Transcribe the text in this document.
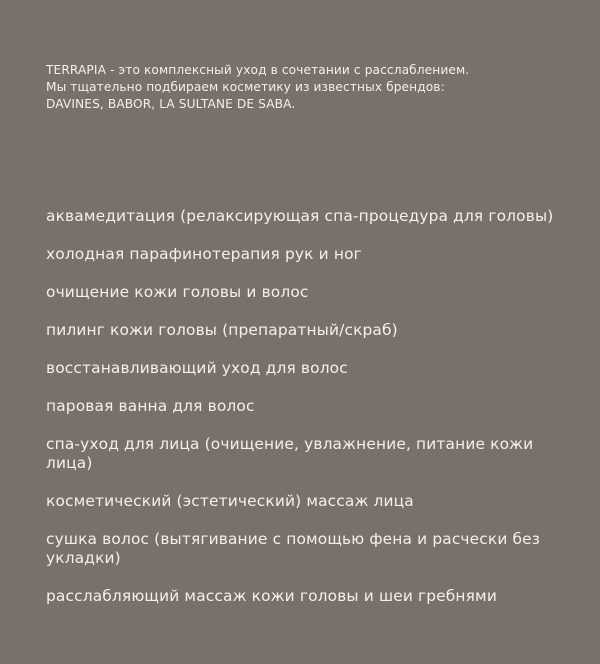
TERRAPIA - это комплексный уход в сочетании с расслаблением.
Мы тщательно подбираем косметику из известных брендов:
DAVINES, BABOR, LA SULTANE DE SABA.
аквамедитация (релаксирующая спа-процедура для головы)
холодная парафинотерапия рук и ног
очищение кожи головы и волос
пилинг кожи головы (препаратный/скраб)
восстанавливающий уход для волос
паровая ванна для волос
спа-уход для лица (очищение, увлажнение, питание кожи лица)
косметический (эстетический) массаж лица
сушка волос (вытягивание с помощью фена и расчески без укладки)
расслабляющий массаж кожи головы и шеи гребнями
